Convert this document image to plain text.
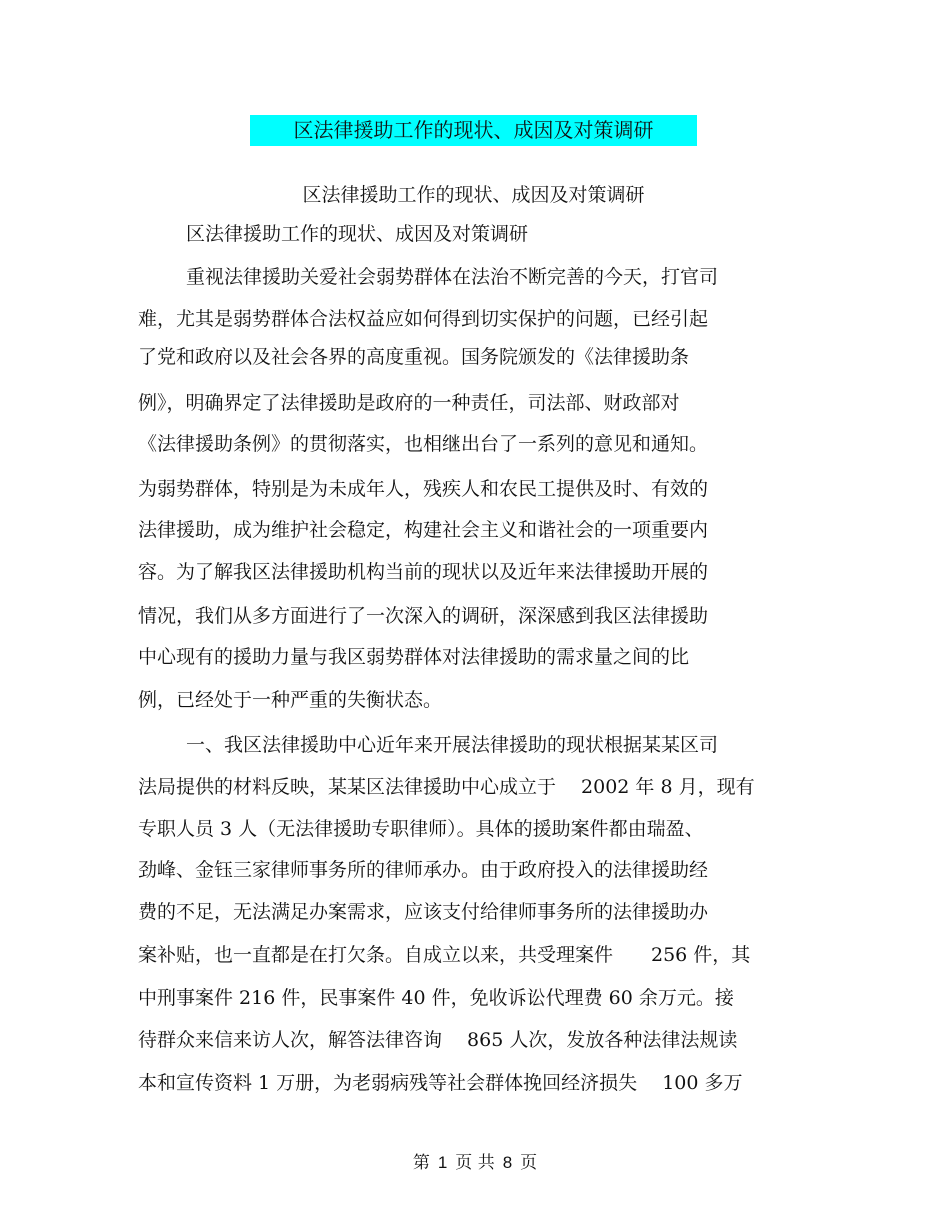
区法律援助工作的现状、成因及对策调研
区法律援助工作的现状、成因及对策调研
区法律援助工作的现状、成因及对策调研
重视法律援助关爱社会弱势群体在法治不断完善的今天，打官司
难，尤其是弱势群体合法权益应如何得到切实保护的问题，已经引起
了党和政府以及社会各界的高度重视。国务院颁发的《法律援助条
例》，明确界定了法律援助是政府的一种责任，司法部、财政部对
《法律援助条例》的贯彻落实，也相继出台了一系列的意见和通知。
为弱势群体，特别是为未成年人，残疾人和农民工提供及时、有效的
法律援助，成为维护社会稳定，构建社会主义和谐社会的一项重要内
容。为了解我区法律援助机构当前的现状以及近年来法律援助开展的
情况，我们从多方面进行了一次深入的调研，深深感到我区法律援助
中心现有的援助力量与我区弱势群体对法律援助的需求量之间的比
例，已经处于一种严重的失衡状态。
一、我区法律援助中心近年来开展法律援助的现状根据某某区司
法局提供的材料反映，某某区法律援助中心成立于　 2002 年 8 月，现有
专职人员 3 人（无法律援助专职律师）。具体的援助案件都由瑞盈、
劲峰、金钰三家律师事务所的律师承办。由于政府投入的法律援助经
费的不足，无法满足办案需求，应该支付给律师事务所的法律援助办
案补贴，也一直都是在打欠条。自成立以来，共受理案件　　256 件，其
中刑事案件 216 件，民事案件 40 件，免收诉讼代理费 60 余万元。接
待群众来信来访人次，解答法律咨询　 865 人次，发放各种法律法规读
本和宣传资料 1 万册，为老弱病残等社会群体挽回经济损失　 100 多万
第 1 页 共 8 页
